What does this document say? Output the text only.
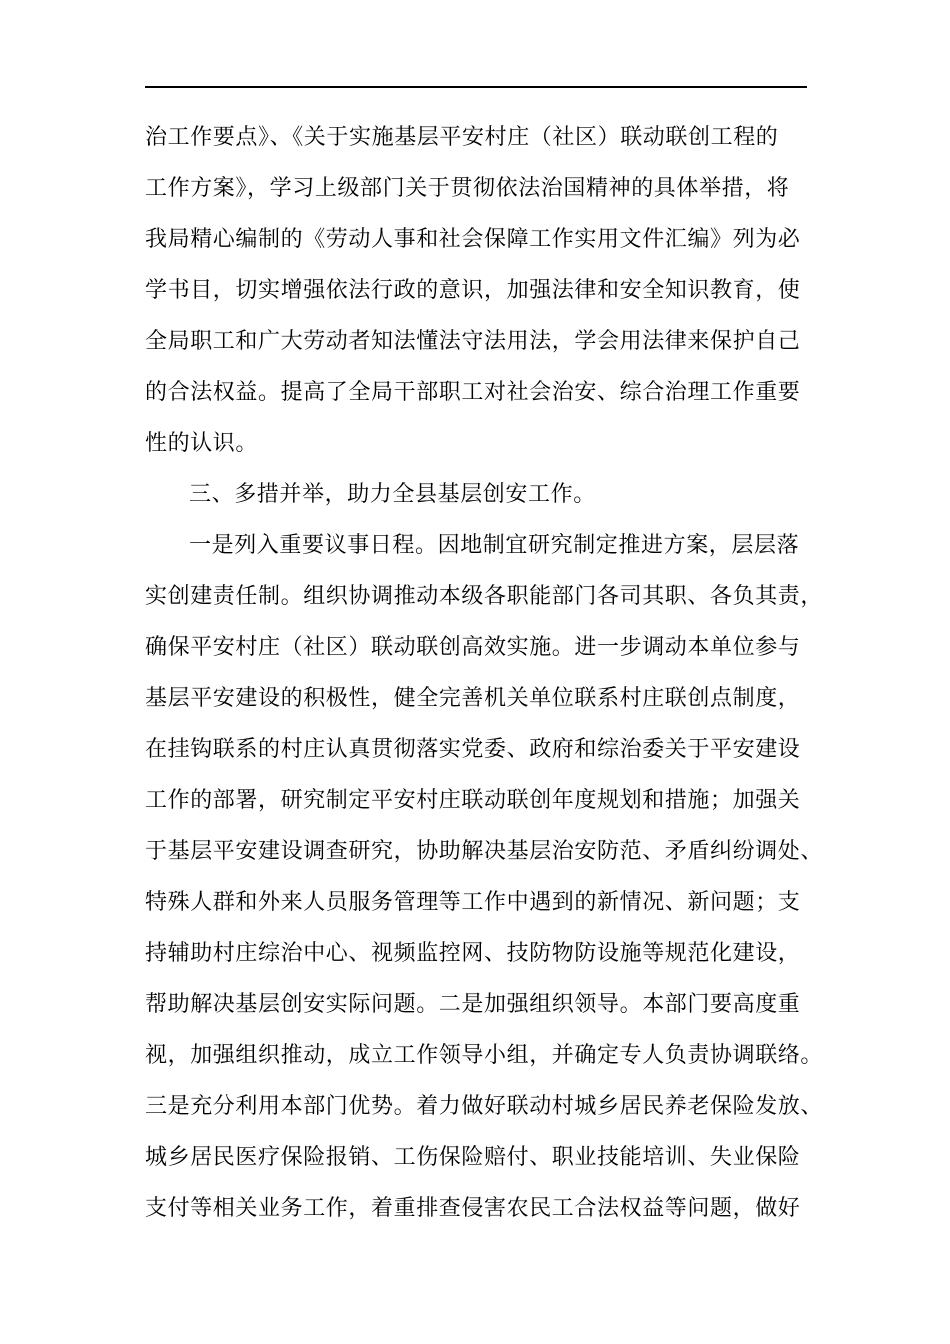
治工作要点》、《关于实施基层平安村庄（社区）联动联创工程的
工作方案》，学习上级部门关于贯彻依法治国精神的具体举措，将
我局精心编制的《劳动人事和社会保障工作实用文件汇编》列为必
学书目，切实增强依法行政的意识，加强法律和安全知识教育，使
全局职工和广大劳动者知法懂法守法用法，学会用法律来保护自己
的合法权益。提高了全局干部职工对社会治安、综合治理工作重要
性的认识。
三、多措并举，助力全县基层创安工作。
一是列入重要议事日程。因地制宜研究制定推进方案，层层落
实创建责任制。组织协调推动本级各职能部门各司其职、各负其责，
确保平安村庄（社区）联动联创高效实施。进一步调动本单位参与
基层平安建设的积极性，健全完善机关单位联系村庄联创点制度，
在挂钩联系的村庄认真贯彻落实党委、政府和综治委关于平安建设
工作的部署，研究制定平安村庄联动联创年度规划和措施；加强关
于基层平安建设调查研究，协助解决基层治安防范、矛盾纠纷调处、
特殊人群和外来人员服务管理等工作中遇到的新情况、新问题；支
持辅助村庄综治中心、视频监控网、技防物防设施等规范化建设，
帮助解决基层创安实际问题。二是加强组织领导。本部门要高度重
视，加强组织推动，成立工作领导小组，并确定专人负责协调联络。
三是充分利用本部门优势。着力做好联动村城乡居民养老保险发放、
城乡居民医疗保险报销、工伤保险赔付、职业技能培训、失业保险
支付等相关业务工作，着重排查侵害农民工合法权益等问题，做好
